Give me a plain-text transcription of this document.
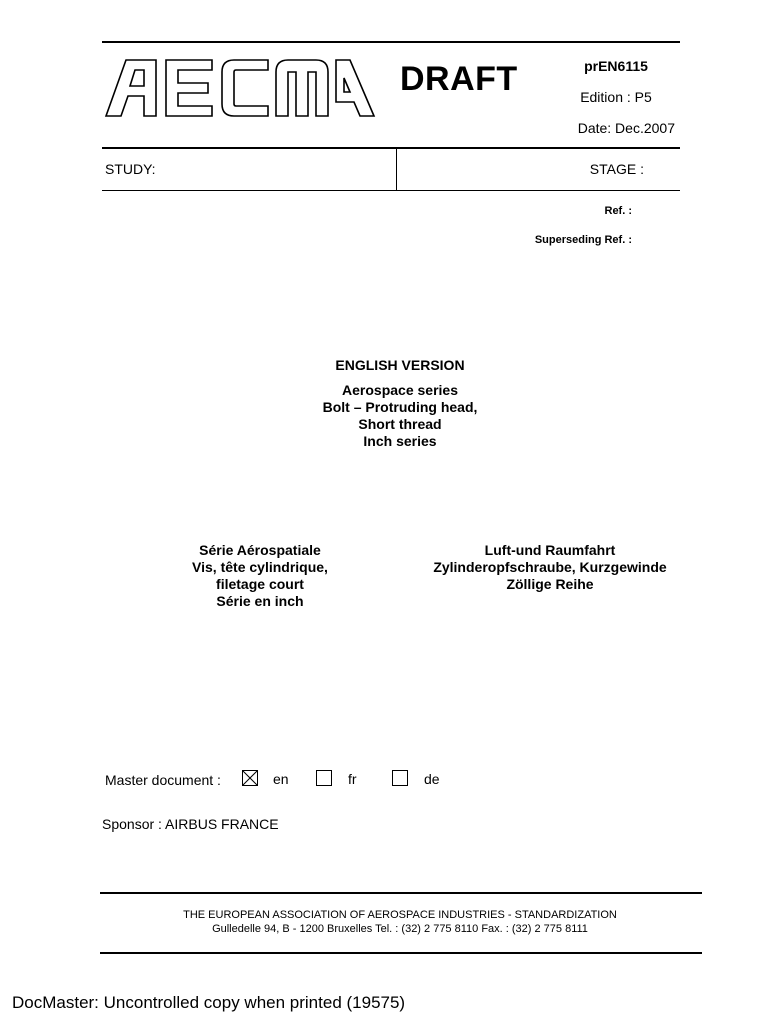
DRAFT	prEN6115
Edition : P5
Date: Dec.2007
STUDY:	STAGE :
Ref. :
Superseding Ref. :
ENGLISH VERSION
Aerospace series
Bolt – Protruding head,
Short thread
Inch series
Série Aérospatiale
Vis, tête cylindrique,
filetage court
Série en inch
Luft-und Raumfahrt
Zylinderopfschraube, Kurzgewinde
Zöllige Reihe
Master document :	en	fr	de
Sponsor : AIRBUS FRANCE
THE EUROPEAN ASSOCIATION OF AEROSPACE INDUSTRIES - STANDARDIZATION
Gulledelle 94, B - 1200 Bruxelles Tel. : (32) 2 775 8110 Fax. : (32) 2 775 8111
DocMaster: Uncontrolled copy when printed (19575)
